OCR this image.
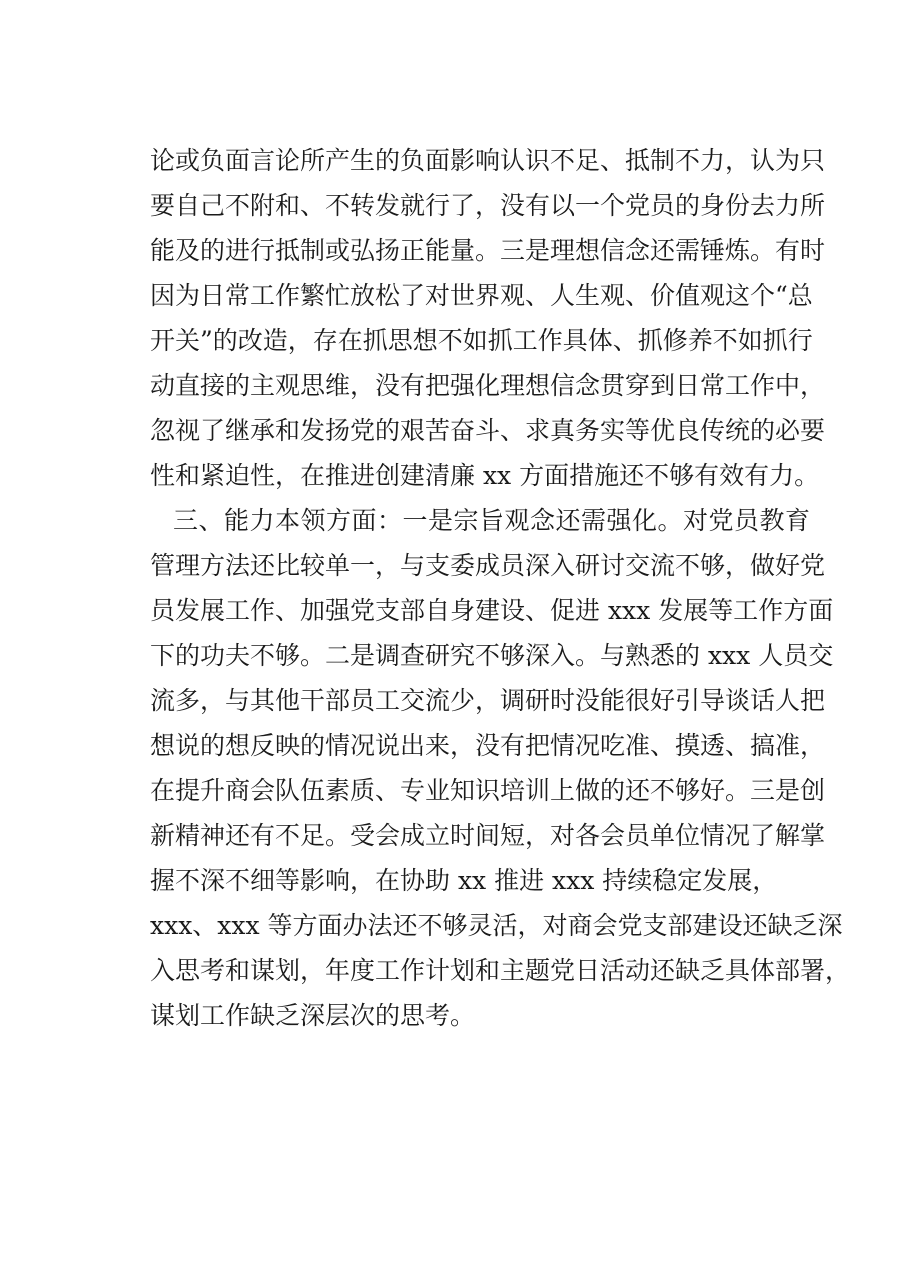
论或负面言论所产生的负面影响认识不足、抵制不力，认为只

要自己不附和、不转发就行了，没有以一个党员的身份去力所

能及的进行抵制或弘扬正能量。三是理想信念还需锤炼。有时

因为日常工作繁忙放松了对世界观、人生观、价值观这个“总

开关”的改造，存在抓思想不如抓工作具体、抓修养不如抓行

动直接的主观思维，没有把强化理想信念贯穿到日常工作中，

忽视了继承和发扬党的艰苦奋斗、求真务实等优良传统的必要

性和紧迫性，在推进创建清廉 xx 方面措施还不够有效有力。

三、能力本领方面：一是宗旨观念还需强化。对党员教育

管理方法还比较单一，与支委成员深入研讨交流不够，做好党

员发展工作、加强党支部自身建设、促进 xxx 发展等工作方面

下的功夫不够。二是调查研究不够深入。与熟悉的 xxx 人员交

流多，与其他干部员工交流少，调研时没能很好引导谈话人把

想说的想反映的情况说出来，没有把情况吃准、摸透、搞准，

在提升商会队伍素质、专业知识培训上做的还不够好。三是创

新精神还有不足。受会成立时间短，对各会员单位情况了解掌

握不深不细等影响，在协助 xx 推进 xxx 持续稳定发展，

xxx、xxx 等方面办法还不够灵活，对商会党支部建设还缺乏深

入思考和谋划，年度工作计划和主题党日活动还缺乏具体部署，

谋划工作缺乏深层次的思考。
